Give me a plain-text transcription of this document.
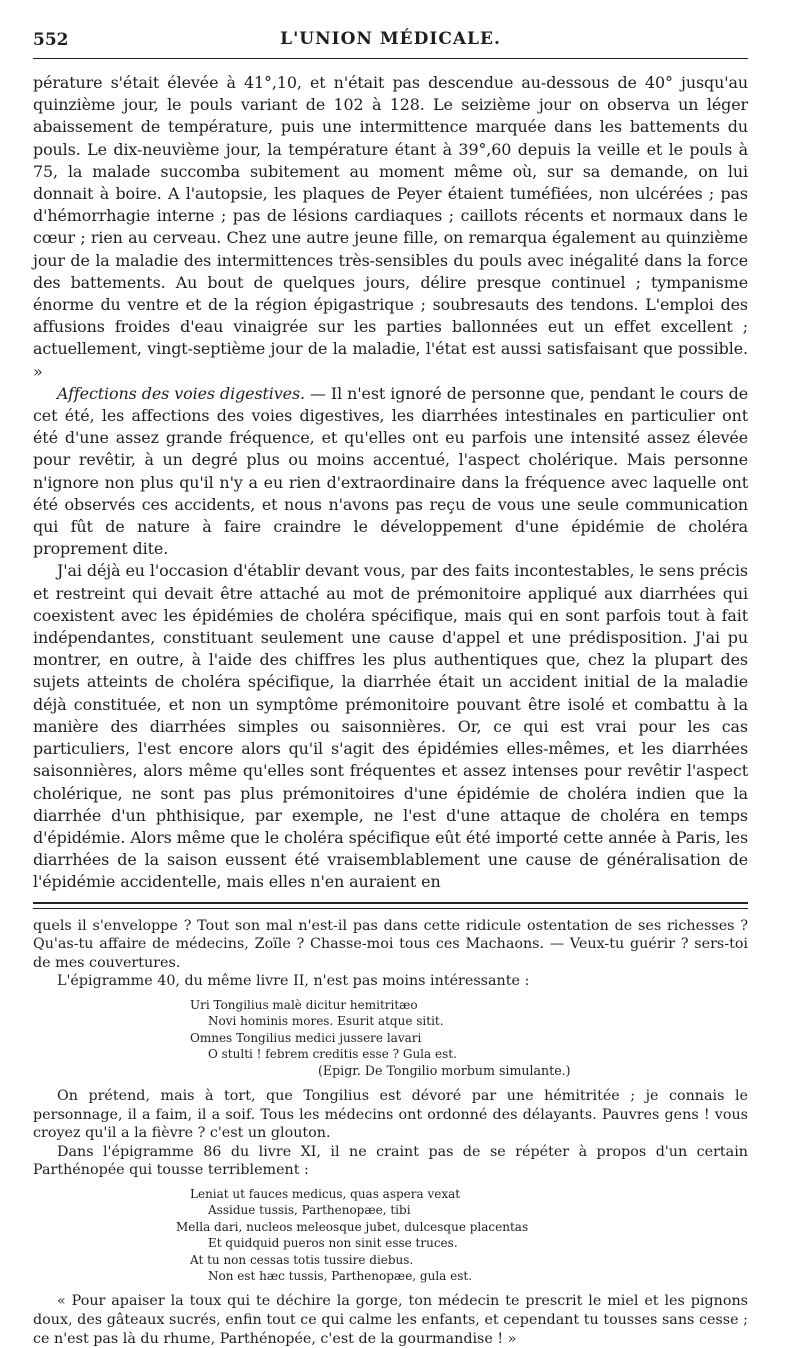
552	L'UNION MÉDICALE.

pérature s'était élevée à 41°,10, et n'était pas descendue au-dessous de 40° jusqu'au quinzième jour, le pouls variant de 102 à 128. Le seizième jour on observa un léger abaissement de température, puis une intermittence marquée dans les battements du pouls. Le dix-neuvième jour, la température étant à 39°,60 depuis la veille et le pouls à 75, la malade succomba subitement au moment même où, sur sa demande, on lui donnait à boire. A l'autopsie, les plaques de Peyer étaient tuméfiées, non ulcérées ; pas d'hémorrhagie interne ; pas de lésions cardiaques ; caillots récents et normaux dans le cœur ; rien au cerveau. Chez une autre jeune fille, on remarqua également au quinzième jour de la maladie des intermittences très-sensibles du pouls avec inégalité dans la force des battements. Au bout de quelques jours, délire presque continuel ; tympanisme énorme du ventre et de la région épigastrique ; soubresauts des tendons. L'emploi des affusions froides d'eau vinaigrée sur les parties ballonnées eut un effet excellent ; actuellement, vingt-septième jour de la maladie, l'état est aussi satisfaisant que possible. »

Affections des voies digestives. — Il n'est ignoré de personne que, pendant le cours de cet été, les affections des voies digestives, les diarrhées intestinales en particulier ont été d'une assez grande fréquence, et qu'elles ont eu parfois une intensité assez élevée pour revêtir, à un degré plus ou moins accentué, l'aspect cholérique. Mais personne n'ignore non plus qu'il n'y a eu rien d'extraordinaire dans la fréquence avec laquelle ont été observés ces accidents, et nous n'avons pas reçu de vous une seule communication qui fût de nature à faire craindre le développement d'une épidémie de choléra proprement dite.

J'ai déjà eu l'occasion d'établir devant vous, par des faits incontestables, le sens précis et restreint qui devait être attaché au mot de prémonitoire appliqué aux diarrhées qui coexistent avec les épidémies de choléra spécifique, mais qui en sont parfois tout à fait indépendantes, constituant seulement une cause d'appel et une prédisposition. J'ai pu montrer, en outre, à l'aide des chiffres les plus authentiques que, chez la plupart des sujets atteints de choléra spécifique, la diarrhée était un accident initial de la maladie déjà constituée, et non un symptôme prémonitoire pouvant être isolé et combattu à la manière des diarrhées simples ou saisonnières. Or, ce qui est vrai pour les cas particuliers, l'est encore alors qu'il s'agit des épidémies elles-mêmes, et les diarrhées saisonnières, alors même qu'elles sont fréquentes et assez intenses pour revêtir l'aspect cholérique, ne sont pas plus prémonitoires d'une épidémie de choléra indien que la diarrhée d'un phthisique, par exemple, ne l'est d'une attaque de choléra en temps d'épidémie. Alors même que le choléra spécifique eût été importé cette année à Paris, les diarrhées de la saison eussent été vraisemblablement une cause de généralisation de l'épidémie accidentelle, mais elles n'en auraient en

quels il s'enveloppe ? Tout son mal n'est-il pas dans cette ridicule ostentation de ses richesses ? Qu'as-tu affaire de médecins, Zoïle ? Chasse-moi tous ces Machaons. — Veux-tu guérir ? sers-toi de mes couvertures.

L'épigramme 40, du même livre II, n'est pas moins intéressante :

Uri Tongilius malè dicitur hemitritæo
Novi hominis mores. Esurit atque sitit.
Omnes Tongilius medici jussere lavari
O stulti ! febrem creditis esse ? Gula est.
(Epigr. De Tongilio morbum simulante.)

On prétend, mais à tort, que Tongilius est dévoré par une hémitritée ; je connais le personnage, il a faim, il a soif. Tous les médecins ont ordonné des délayants. Pauvres gens ! vous croyez qu'il a la fièvre ? c'est un glouton.

Dans l'épigramme 86 du livre XI, il ne craint pas de se répéter à propos d'un certain Parthénopée qui tousse terriblement :

Leniat ut fauces medicus, quas aspera vexat
Assidue tussis, Parthenopæe, tibi
Mella dari, nucleos meleosque jubet, dulcesque placentas
Et quidquid pueros non sinit esse truces.
At tu non cessas totis tussire diebus.
Non est hæc tussis, Parthenopæe, gula est.

« Pour apaiser la toux qui te déchire la gorge, ton médecin te prescrit le miel et les pignons doux, des gâteaux sucrés, enfin tout ce qui calme les enfants, et cependant tu tousses sans cesse ; ce n'est pas là du rhume, Parthénopée, c'est de la gourmandise ! »
